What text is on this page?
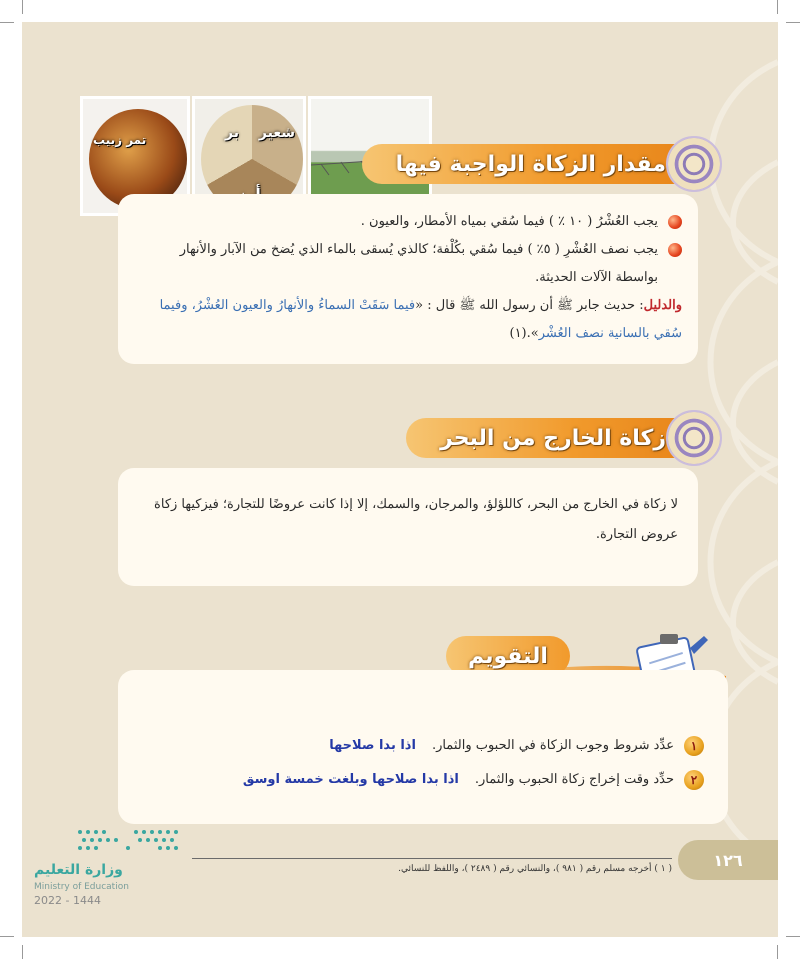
شعير
بر
تمر زبيب
مقدار الزكاة الواجبة فيها
يجب العُشْرُ ( ١٠ ٪ ) فيما سُقي بمياه الأمطار، والعيون .
يجب نصف العُشْرِ ( ٥٪ ) فيما سُقي بكُلْفة؛ كالذي يُسقى بالماء الذي يُضخ من الآبار والأنهار بواسطة الآلات الحديثة.
والدليل: حديث جابر ﷺ أن رسول الله ﷺ قال : «فيما سَقَتْ السماءُ والأنهارُ والعيون العُشْرُ، وفيما سُقي بالسانية نصف العُشْر».(١)
زكاة الخارج من البحر

لا زكاة في الخارج من البحر، كاللؤلؤ، والمرجان، والسمك، إلا إذا كانت عروضًا للتجارة؛ فيزكيها زكاة عروض التجارة.

التقويم
١
عدِّد شروط وجوب الزكاة في الحبوب والثمار.
اذا بدا صلاحها
٢
حدِّد وقت إخراج زكاة الحبوب والثمار.
اذا بدا صلاحها وبلغت خمسة اوسق

( ١ ) أخرجه مسلم رقم ( ٩٨١ )، والنسائي رقم ( ٢٤٨٩ )، واللفظ للنسائي.	١٢٦
وزارة التعليم
Ministry of Education
2022 - 1444
